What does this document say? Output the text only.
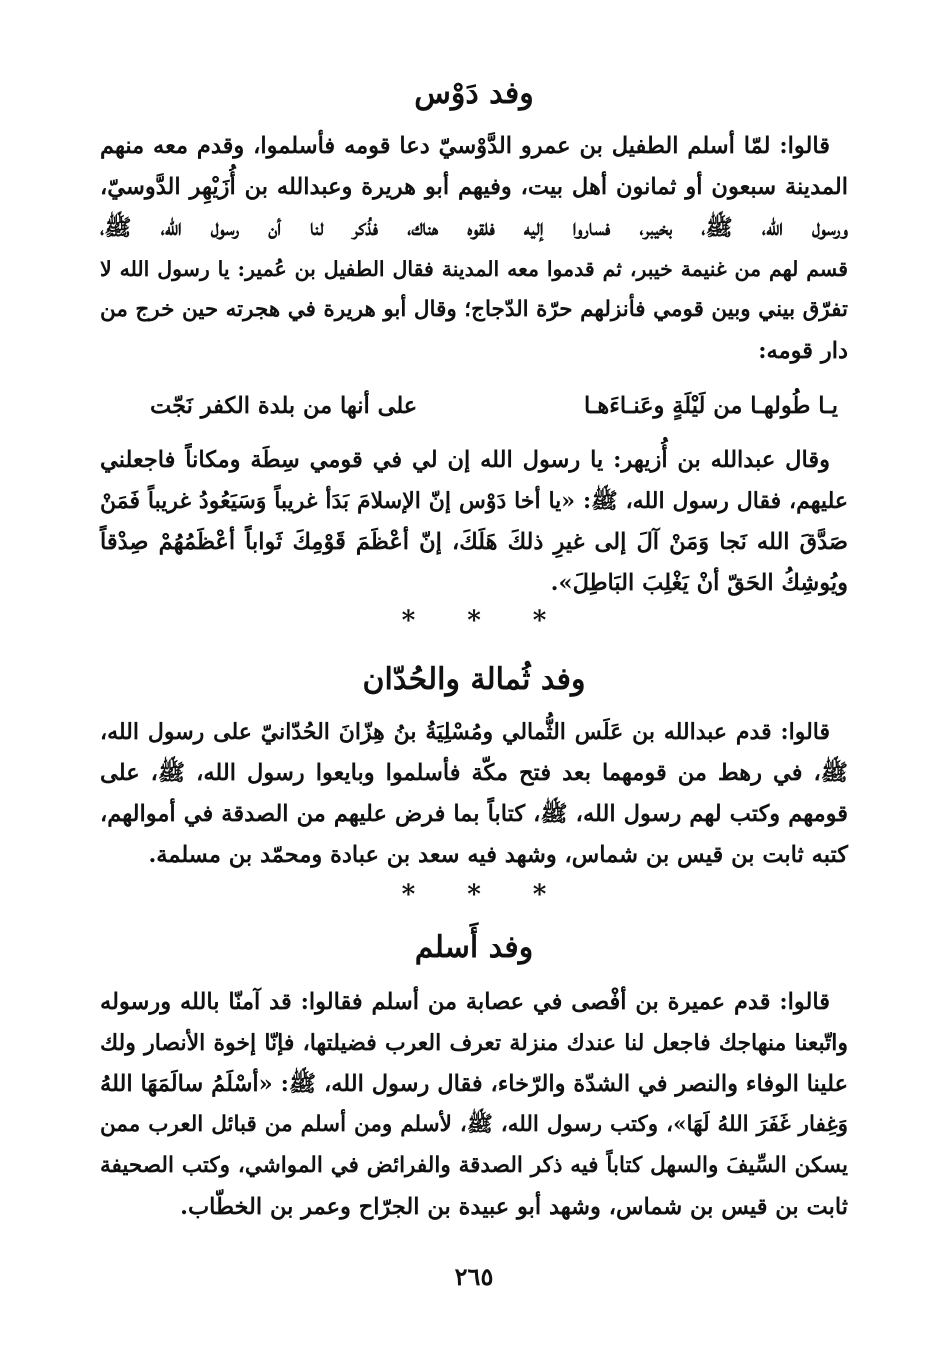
وفد دَوْس
قالوا: لمّا أسلم الطفيل بن عمرو الدَّوْسيّ دعا قومه فأسلموا، وقدم معه منهم
المدينة سبعون أو ثمانون أهل بيت، وفيهم أبو هريرة وعبدالله بن أُزَيْهِر الدَّوسيّ،
ورسول الله، ﷺ، بخيبر، فساروا إليه فلقوه هناك، فذُكر لنا أن رسول الله، ﷺ،
قسم لهم من غنيمة خيبر، ثم قدموا معه المدينة فقال الطفيل بن عُمير: يا رسول الله لا
تفرّق بيني وبين قومي فأنزلهم حرّة الدّجاج؛ وقال أبو هريرة في هجرته حين خرج من
دار قومه:
يـا طُولهـا من لَيْلَةٍ وعَنـاءَهـا
على أنها من بلدة الكفر نَجّت
وقال عبدالله بن أُزيهر: يا رسول الله إن لي في قومي سِطَة ومكاناً فاجعلني
عليهم، فقال رسول الله، ﷺ: «يا أخا دَوْس إنّ الإسلامَ بَدَأ غريباً وَسَيَعُودُ غريباً فَمَنْ
صَدَّقَ الله نَجا وَمَنْ آلَ إلى غيرِ ذلكَ هَلَكَ، إنّ أعْظَمَ قَوْمِكَ ثَواباً أعْظَمُهُمْ صِدْقاً
ويُوشِكُ الحَقّ أنْ يَغْلِبَ البَاطِلَ».
***
وفد ثُمالة والحُدّان
قالوا: قدم عبدالله بن عَلَس الثُّمالي ومُسْلِيَةُ بنُ هِزّانَ الحُدّانيّ على رسول الله،
ﷺ، في رهط من قومهما بعد فتح مكّة فأسلموا وبايعوا رسول الله، ﷺ، على
قومهم وكتب لهم رسول الله، ﷺ، كتاباً بما فرض عليهم من الصدقة في أموالهم،
كتبه ثابت بن قيس بن شماس، وشهد فيه سعد بن عبادة ومحمّد بن مسلمة.
***
وفد أَسلم
قالوا: قدم عميرة بن أفْصى في عصابة من أسلم فقالوا: قد آمنّا بالله ورسوله
واتّبعنا منهاجك فاجعل لنا عندك منزلة تعرف العرب فضيلتها، فإنّا إخوة الأنصار ولك
علينا الوفاء والنصر في الشدّة والرّخاء، فقال رسول الله، ﷺ: «أسْلَمُ سالَمَهَا اللهُ
وَغِفار غَفَرَ اللهُ لَهَا»، وكتب رسول الله، ﷺ، لأسلم ومن أسلم من قبائل العرب ممن
يسكن السِّيفَ والسهل كتاباً فيه ذكر الصدقة والفرائض في المواشي، وكتب الصحيفة
ثابت بن قيس بن شماس، وشهد أبو عبيدة بن الجرّاح وعمر بن الخطّاب.
٢٦٥
